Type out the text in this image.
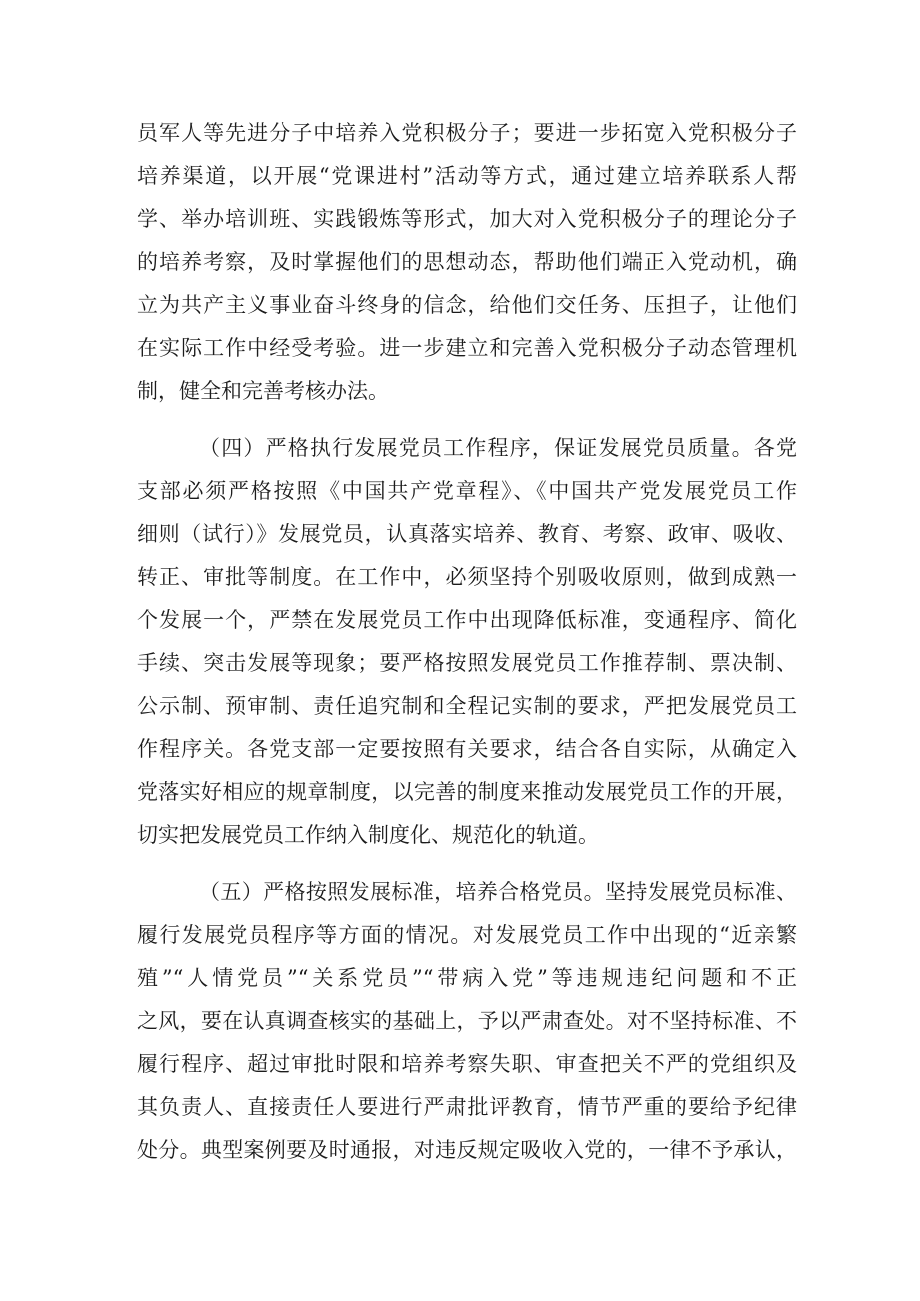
员军人等先进分子中培养入党积极分子；要进一步拓宽入党积极分子
培养渠道，以开展“党课进村”活动等方式，通过建立培养联系人帮
学、举办培训班、实践锻炼等形式，加大对入党积极分子的理论分子
的培养考察，及时掌握他们的思想动态，帮助他们端正入党动机，确
立为共产主义事业奋斗终身的信念，给他们交任务、压担子，让他们
在实际工作中经受考验。进一步建立和完善入党积极分子动态管理机
制，健全和完善考核办法。
（四）严格执行发展党员工作程序，保证发展党员质量。各党
支部必须严格按照《中国共产党章程》、《中国共产党发展党员工作
细则（试行）》发展党员，认真落实培养、教育、考察、政审、吸收、
转正、审批等制度。在工作中，必须坚持个别吸收原则，做到成熟一
个发展一个，严禁在发展党员工作中出现降低标准，变通程序、简化
手续、突击发展等现象；要严格按照发展党员工作推荐制、票决制、
公示制、预审制、责任追究制和全程记实制的要求，严把发展党员工
作程序关。各党支部一定要按照有关要求，结合各自实际，从确定入
党落实好相应的规章制度，以完善的制度来推动发展党员工作的开展，
切实把发展党员工作纳入制度化、规范化的轨道。
（五）严格按照发展标准，培养合格党员。坚持发展党员标准、
履行发展党员程序等方面的情况。对发展党员工作中出现的“近亲繁
殖”“人情党员”“关系党员”“带病入党”等违规违纪问题和不正
之风，要在认真调查核实的基础上，予以严肃查处。对不坚持标准、不
履行程序、超过审批时限和培养考察失职、审查把关不严的党组织及
其负责人、直接责任人要进行严肃批评教育，情节严重的要给予纪律
处分。典型案例要及时通报，对违反规定吸收入党的，一律不予承认，
